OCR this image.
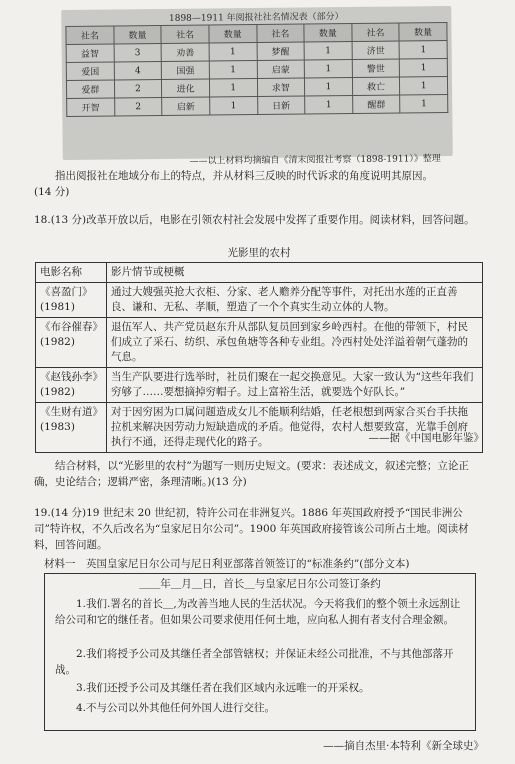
1898—1911 年阅报社社名情况表（部分）
社名	数量	社名	数量	社名	数量	社名	数量
益智	3	劝善	1	梦醒	1	济世	1
爱国	4	国强	1	启蒙	1	警世	1
爱群	2	进化	1	求智	1	救亡	1
开智	2	启新	1	日新	1	醒群	1
——以上材料均摘编自《清末阅报社考察（1898-1911）》整理
指出阅报社在地域分布上的特点，并从材料三反映的时代诉求的角度说明其原因。
(14 分)
18.(13 分)改革开放以后，电影在引领农村社会发展中发挥了重要作用。阅读材料，回答问题。
光影里的农村
电影名称	影片情节或梗概
《喜盈门》(1981)	通过大嫂强英抢大衣柜、分家、老人赡养分配等事件，对托出水莲的正直善良、谦和、无私、孝顺，塑造了一个个真实生动立体的人物。
《布谷催春》(1982)	退伍军人、共产党员赵东升从部队复员回到家乡岭西村。在他的带领下，村民们成立了采石、纺织、承包鱼塘等各种专业组。冷西村处处洋溢着朝气蓬勃的气息。
《赵钱孙李》(1982)	当生产队要进行选举时，社员们聚在一起交换意见。大家一致认为“这些年我们穷够了……要想摘掉穷帽子。过上富裕生活，就要选个好队长。”
《生财有道》(1983)	对于因穷困为口属问题造成女儿不能顺利结婚，任老根想到两家合买台手扶拖拉机来解决因劳动力短缺造成的矛盾。他觉得，农村人想要致富，光靠手创府执行不通，还得走现代化的路子。	——据《中国电影年鉴》
结合材料，以“光影里的农村”为题写一则历史短文。(要求：表述成文，叙述完整；立论正确，史论结合；逻辑严密，条理清晰。)(13 分)
19.(14 分)19 世纪末 20 世纪初，特许公司在非洲复兴。1886 年英国政府授予“国民非洲公司”特许权，不久后改名为“皇家尼日尔公司”。1900 年英国政府接管该公司所占土地。阅读材料，回答问题。
材料一　英国皇家尼日尔公司与尼日利亚部落首领签订的“标准条约”(部分文本)
＿＿年＿月＿日，首长＿与皇家尼日尔公司签订条约
1.我们.署名的首长＿,为改善当地人民的生活状况。今天将我们的整个领土永远割让给公司和它的继任者。但如果公司要求使用任何土地，应向私人拥有者支付合理金额。
2.我们将授予公司及其继任者全部管辖权；并保证未经公司批准，不与其他部落开战。
3.我们还授予公司及其继任者在我们区域内永远唯一的开采权。
4.不与公司以外其他任何外国人进行交往。
——摘自杰里·本特利《新全球史》
